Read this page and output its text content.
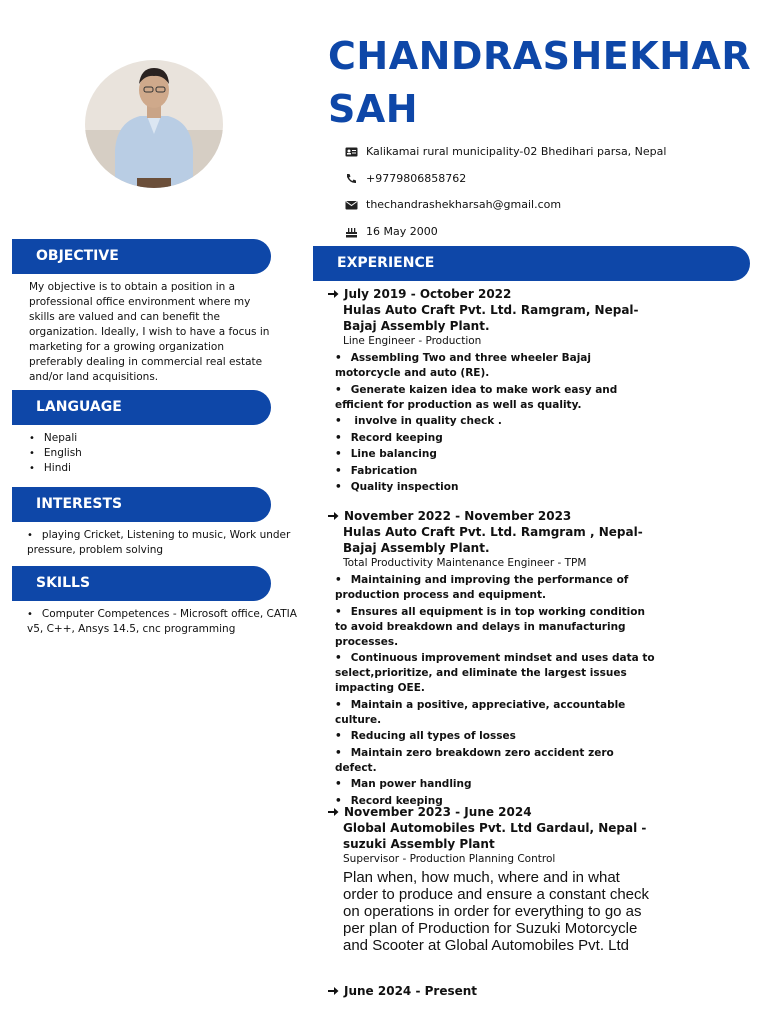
CHANDRASHEKHAR
SAH
Kalikamai rural municipality-02 Bhedihari parsa, Nepal
+9779806858762
thechandrashekharsah@gmail.com
16 May 2000
OBJECTIVE
My objective is to obtain a position in a professional office environment where my skills are valued and can benefit the organization. Ideally, I wish to have a focus in marketing for a growing organization preferably dealing in commercial real estate and/or land acquisitions.
LANGUAGE
• Nepali
• English
• Hindi
INTERESTS
• playing Cricket, Listening to music, Work under pressure, problem solving
SKILLS
• Computer Competences - Microsoft office, CATIA v5, C++, Ansys 14.5, cnc programming
EXPERIENCE
July 2019 - October 2022
Hulas Auto Craft Pvt. Ltd. Ramgram, Nepal- Bajaj Assembly Plant.
Line Engineer - Production
• Assembling Two and three wheeler Bajaj motorcycle and auto (RE).
• Generate kaizen idea to make work easy and efficient for production as well as quality.
• involve in quality check .
• Record keeping
• Line balancing
• Fabrication
• Quality inspection
November 2022 - November 2023
Hulas Auto Craft Pvt. Ltd. Ramgram , Nepal- Bajaj Assembly Plant.
Total Productivity Maintenance Engineer - TPM
• Maintaining and improving the performance of production process and equipment.
• Ensures all equipment is in top working condition to avoid breakdown and delays in manufacturing processes.
• Continuous improvement mindset and uses data to select,prioritize, and eliminate the largest issues impacting OEE.
• Maintain a positive, appreciative, accountable culture.
• Reducing all types of losses
• Maintain zero breakdown zero accident zero defect.
• Man power handling
• Record keeping
November 2023 - June 2024
Global Automobiles Pvt. Ltd Gardaul, Nepal - suzuki Assembly Plant
Supervisor - Production Planning Control
Plan when, how much, where and in what order to produce and ensure a constant check on operations in order for everything to go as per plan of Production for Suzuki Motorcycle and Scooter at Global Automobiles Pvt. Ltd
June 2024 - Present
